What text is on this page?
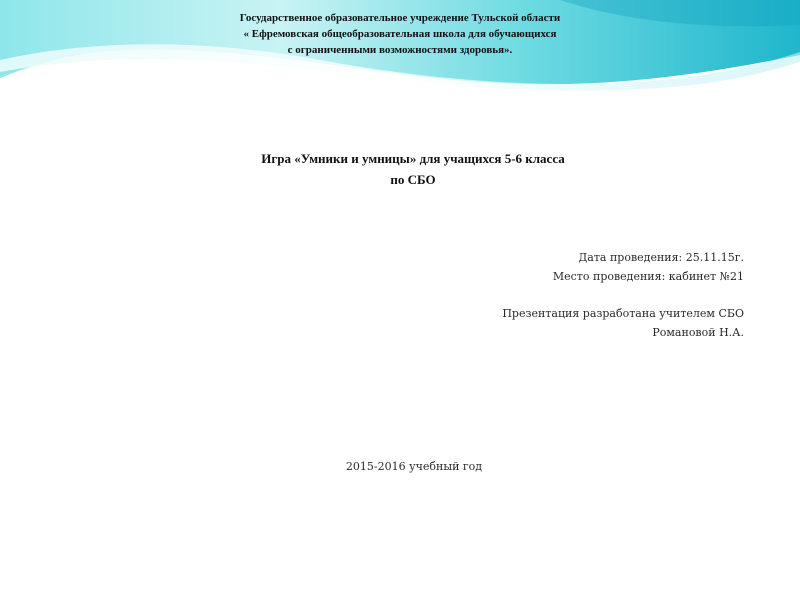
Государственное образовательное учреждение Тульской области
« Ефремовская общеобразовательная школа для обучающихся
с ограниченными возможностями здоровья».
Игра «Умники и умницы» для учащихся 5-6 класса
по СБО
Дата проведения: 25.11.15г.
Место проведения: кабинет №21
Презентация разработана учителем СБО
Романовой Н.А.
2015-2016 учебный год
